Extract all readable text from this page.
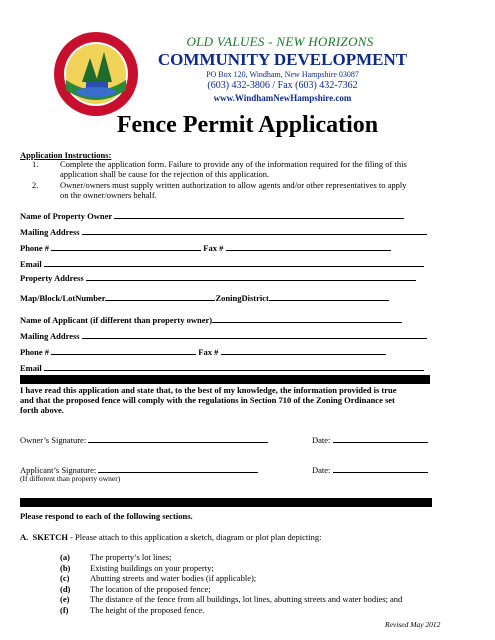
OLD VALUES - NEW HORIZONS
COMMUNITY DEVELOPMENT
PO Box 120, Windham, New Hampshire 03087
(603) 432-3806 / Fax (603) 432-7362
www.WindhamNewHampshire.com
Fence Permit Application
Application Instructions:
1.	Complete the application form. Failure to provide any of the information required for the filing of this
application shall be cause for the rejection of this application.
2.	Owner/owners must supply written authorization to allow agents and/or other representatives to apply
on the owner/owners behalf.
Name of Property Owner
Mailing Address
Phone #	Fax #
Email
Property Address
Map/Block/LotNumber	ZoningDistrict
Name of Applicant (if different than property owner)
Mailing Address
Phone #	Fax #
Email
I have read this application and state that, to the best of my knowledge, the information provided is true
and that the proposed fence will comply with the regulations in Section 710 of the Zoning Ordinance set
forth above.
Owner’s Signature:	Date:
Applicant’s Signature:	Date:
(If different than property owner)
Please respond to each of the following sections.
A. SKETCH - Please attach to this application a sketch, diagram or plot plan depicting:
(a) The property’s lot lines;
(b) Existing buildings on your property;
(c) Abutting streets and water bodies (if applicable);
(d) The location of the proposed fence;
(e) The distance of the fence from all buildings, lot lines, abutting streets and water bodies; and
(f)	The height of the proposed fence.
Revised May 2012
